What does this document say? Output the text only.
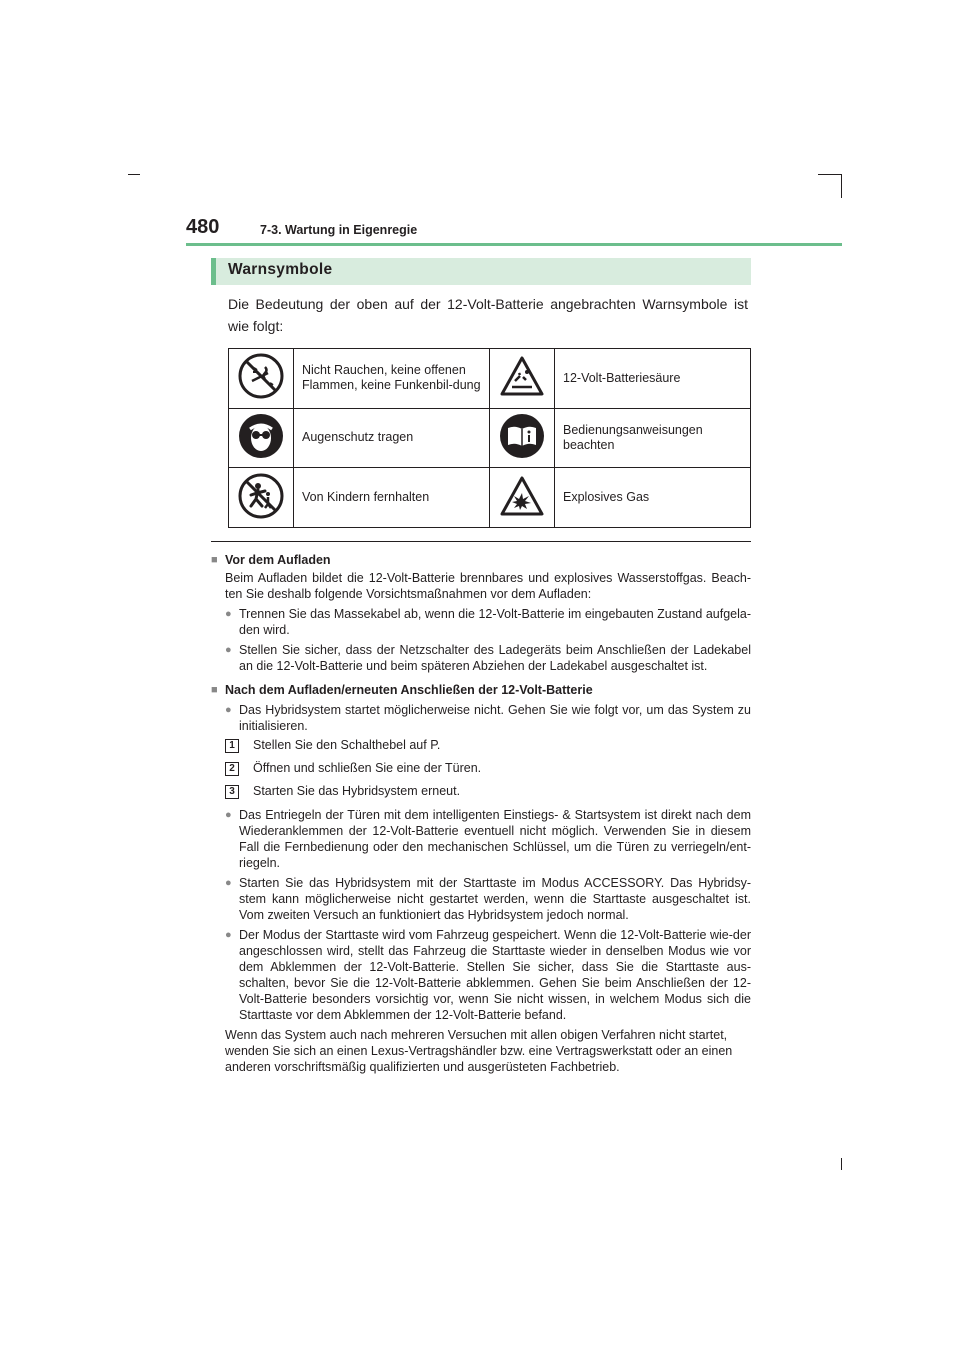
480	7-3. Wartung in Eigenregie
Warnsymbole
Die Bedeutung der oben auf der 12-Volt-Batterie angebrachten Warnsymbole ist wie folgt:
	Nicht Rauchen, keine offenen Flammen, keine Funkenbil-dung		12-Volt-Batteriesäure

	Augenschutz tragen		Bedienungsanweisungen beachten

	Von Kindern fernhalten		Explosives Gas
■ Vor dem Aufladen
Beim Aufladen bildet die 12-Volt-Batterie brennbares und explosives Wasserstoffgas. Beach-ten Sie deshalb folgende Vorsichtsmaßnahmen vor dem Aufladen:
● Trennen Sie das Massekabel ab, wenn die 12-Volt-Batterie im eingebauten Zustand aufgela-den wird.
● Stellen Sie sicher, dass der Netzschalter des Ladegeräts beim Anschließen der Ladekabel an die 12-Volt-Batterie und beim späteren Abziehen der Ladekabel ausgeschaltet ist.
■ Nach dem Aufladen/erneuten Anschließen der 12-Volt-Batterie
● Das Hybridsystem startet möglicherweise nicht. Gehen Sie wie folgt vor, um das System zu initialisieren.
1	Stellen Sie den Schalthebel auf P.
2	Öffnen und schließen Sie eine der Türen.
3	Starten Sie das Hybridsystem erneut.
● Das Entriegeln der Türen mit dem intelligenten Einstiegs- & Startsystem ist direkt nach dem Wiederanklemmen der 12-Volt-Batterie eventuell nicht möglich. Verwenden Sie in diesem Fall die Fernbedienung oder den mechanischen Schlüssel, um die Türen zu verriegeln/ent-riegeln.
● Starten Sie das Hybridsystem mit der Starttaste im Modus ACCESSORY. Das Hybridsy-stem kann möglicherweise nicht gestartet werden, wenn die Starttaste ausgeschaltet ist. Vom zweiten Versuch an funktioniert das Hybridsystem jedoch normal.
● Der Modus der Starttaste wird vom Fahrzeug gespeichert. Wenn die 12-Volt-Batterie wie-der angeschlossen wird, stellt das Fahrzeug die Starttaste wieder in denselben Modus wie vor dem Abklemmen der 12-Volt-Batterie. Stellen Sie sicher, dass Sie die Starttaste aus-schalten, bevor Sie die 12-Volt-Batterie abklemmen. Gehen Sie beim Anschließen der 12-Volt-Batterie besonders vorsichtig vor, wenn Sie nicht wissen, in welchem Modus sich die Starttaste vor dem Abklemmen der 12-Volt-Batterie befand.
Wenn das System auch nach mehreren Versuchen mit allen obigen Verfahren nicht startet, wenden Sie sich an einen Lexus-Vertragshändler bzw. eine Vertragswerkstatt oder an einen anderen vorschriftsmäßig qualifizierten und ausgerüsteten Fachbetrieb.
